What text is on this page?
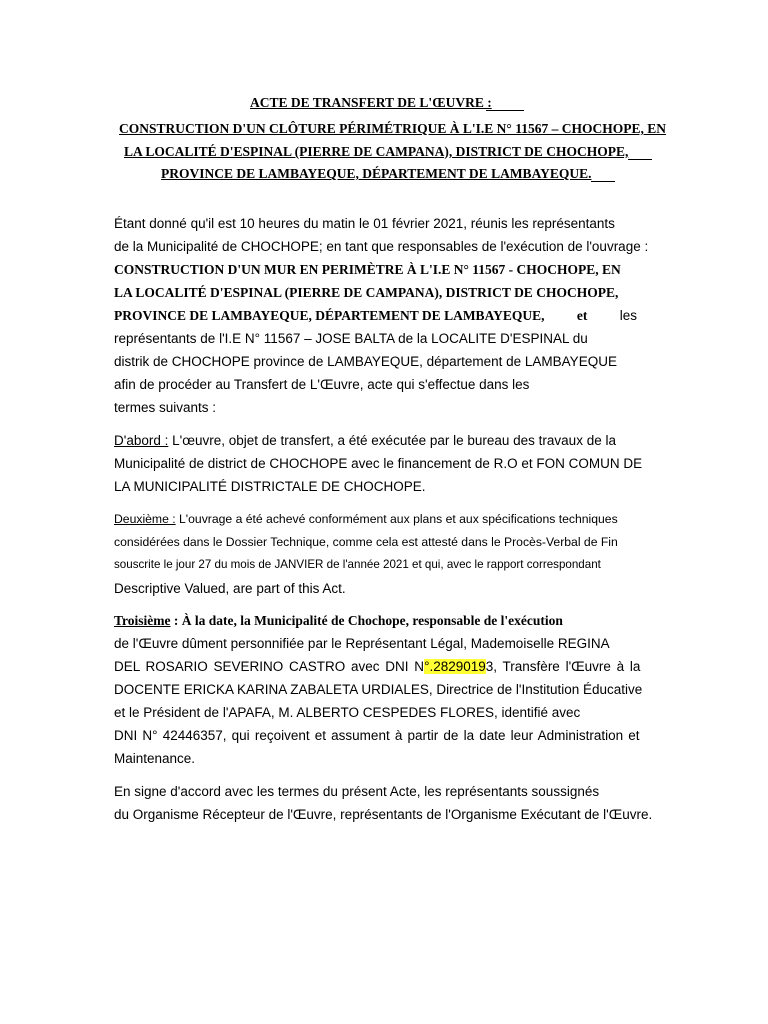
ACTE DE TRANSFERT DE L'ŒUVRE :

CONSTRUCTION D'UN CLÔTURE PÉRIMÉTRIQUE À L'I.E N° 11567 – CHOCHOPE, EN

LA LOCALITÉ D'ESPINAL (PIERRE DE CAMPANA), DISTRICT DE CHOCHOPE,

PROVINCE DE LAMBAYEQUE, DÉPARTEMENT DE LAMBAYEQUE.

Étant donné qu'il est 10 heures du matin le 01 février 2021, réunis les représentants

de la Municipalité de CHOCHOPE; en tant que responsables de l'exécution de l'ouvrage :

CONSTRUCTION D'UN MUR EN PERIMÈTRE À L'I.E N° 11567 - CHOCHOPE, EN

LA LOCALITÉ D'ESPINAL (PIERRE DE CAMPANA), DISTRICT DE CHOCHOPE,

PROVINCE DE LAMBAYEQUE, DÉPARTEMENT DE LAMBAYEQUE, et les

représentants de l'I.E N° 11567 – JOSE BALTA de la LOCALITE D'ESPINAL du

distrik de CHOCHOPE province de LAMBAYEQUE, département de LAMBAYEQUE

afin de procéder au Transfert de L'Œuvre, acte qui s'effectue dans les

termes suivants :

D'abord : L'œuvre, objet de transfert, a été exécutée par le bureau des travaux de la

Municipalité de district de CHOCHOPE avec le financement de R.O et FON COMUN DE

LA MUNICIPALITÉ DISTRICTALE DE CHOCHOPE.

Deuxième : L'ouvrage a été achevé conformément aux plans et aux spécifications techniques

considérées dans le Dossier Technique, comme cela est attesté dans le Procès-Verbal de Fin

souscrite le jour 27 du mois de JANVIER de l'année 2021 et qui, avec le rapport correspondant

Descriptive Valued, are part of this Act.

Troisième : À la date, la Municipalité de Chochope, responsable de l'exécution

de l'Œuvre dûment personnifiée par le Représentant Légal, Mademoiselle REGINA

DEL ROSARIO SEVERINO CASTRO avec DNI N°.28290193, Transfère l'Œuvre à la

DOCENTE ERICKA KARINA ZABALETA URDIALES, Directrice de l'Institution Éducative

et le Président de l'APAFA, M. ALBERTO CESPEDES FLORES, identifié avec

DNI N° 42446357, qui reçoivent et assument à partir de la date leur Administration et

Maintenance.

En signe d'accord avec les termes du présent Acte, les représentants soussignés

du Organisme Récepteur de l'Œuvre, représentants de l'Organisme Exécutant de l'Œuvre.
